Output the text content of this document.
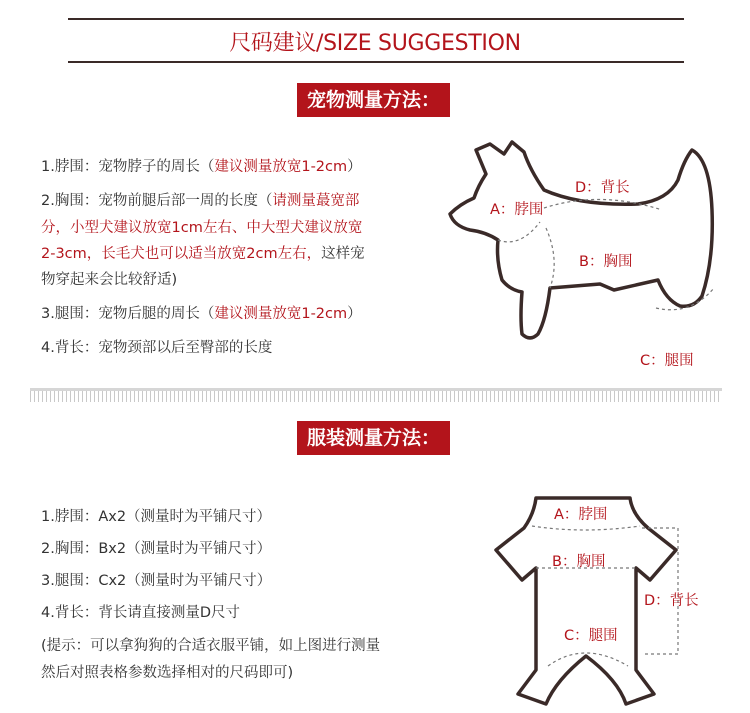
尺码建议/SIZE SUGGESTION
宠物测量方法：
1.脖围：宠物脖子的周长（建议测量放宽1-2cm）
2.胸围：宠物前腿后部一周的长度（请测量蕞宽部
分，小型犬建议放宽1cm左右、中大型犬建议放宽
2-3cm，长毛犬也可以适当放宽2cm左右，这样宠
物穿起来会比较舒适)
3.腿围：宠物后腿的周长（建议测量放宽1-2cm）
4.背长：宠物颈部以后至臀部的长度
A：脖围
D：背长
B：胸围
C：腿围
服装测量方法：
1.脖围：Ax2（测量时为平铺尺寸）
2.胸围：Bx2（测量时为平铺尺寸）
3.腿围：Cx2（测量时为平铺尺寸）
4.背长：背长请直接测量D尺寸
(提示：可以拿狗狗的合适衣服平铺，如上图进行测量
然后对照表格参数选择相对的尺码即可)
A：脖围
B：胸围
D：背长
C：腿围
